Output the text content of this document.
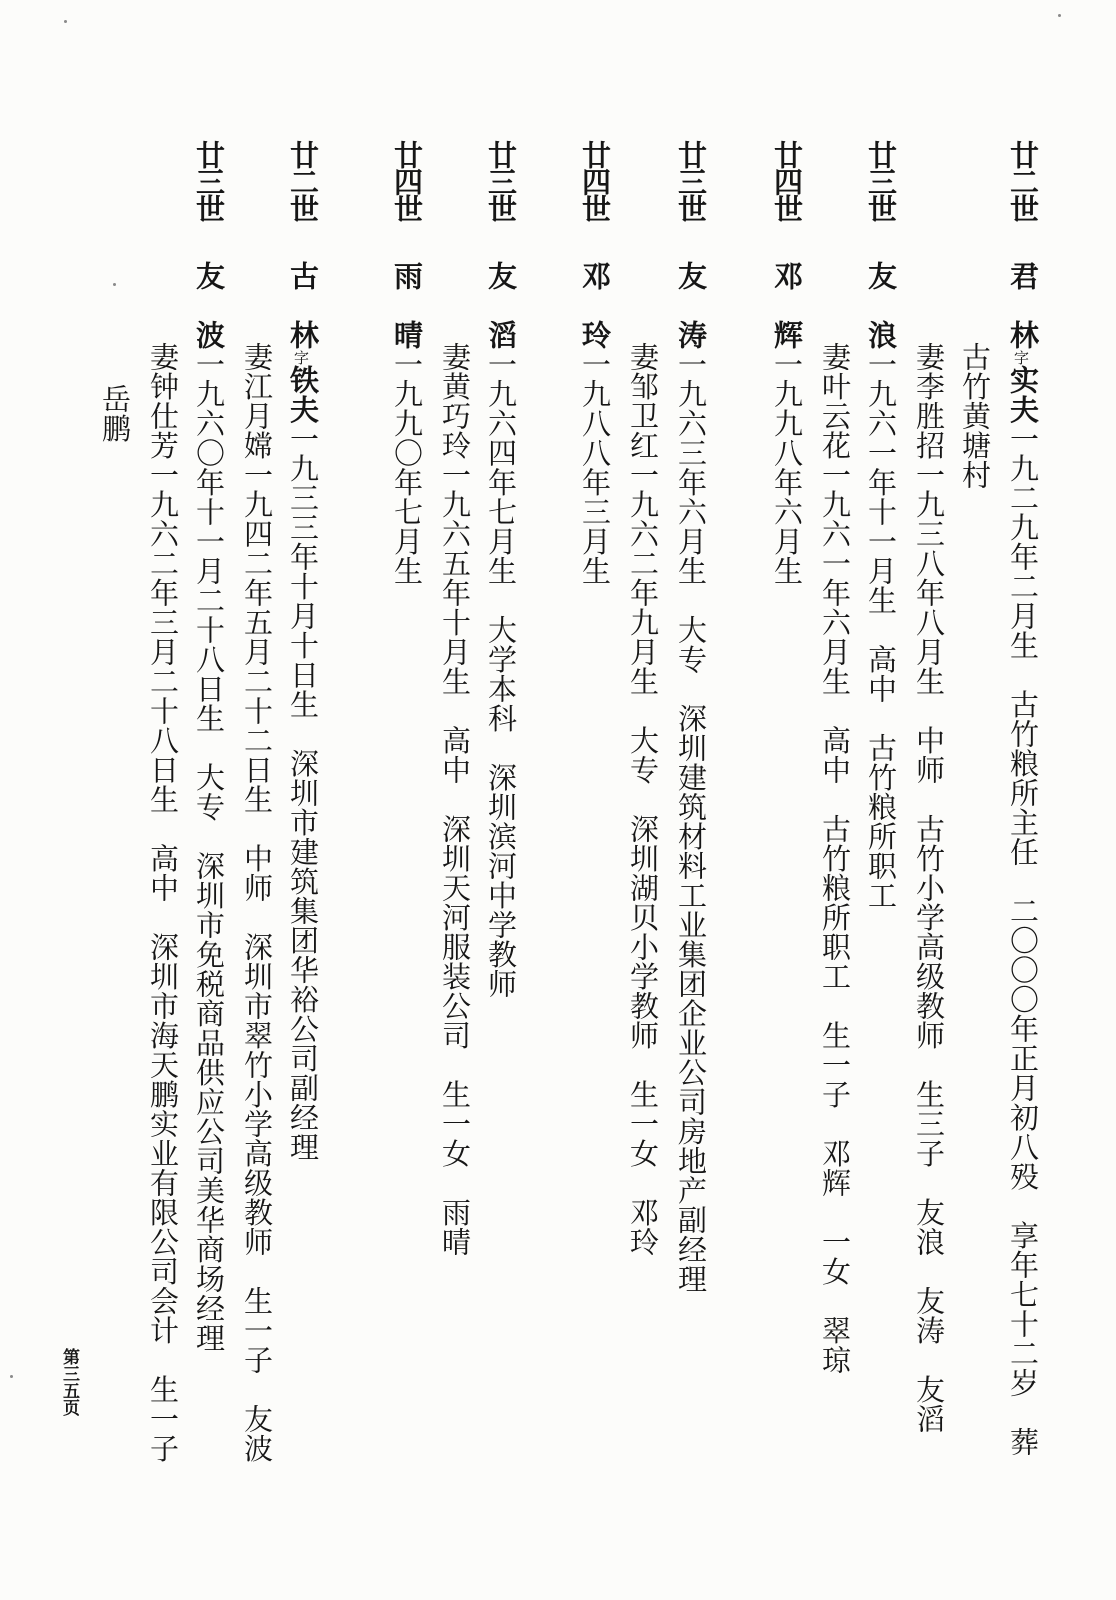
廿二世君　林字实夫一九二九年二月生　古竹粮所主任　二〇〇〇年正月初八殁　享年七十二岁　葬
古竹黄塘村
妻李胜招一九三八年八月生　中师　古竹小学高级教师　生三子　友浪　友涛　友滔
廿三世友　浪一九六一年十一月生　高中　古竹粮所职工
妻叶云花一九六一年六月生　高中　古竹粮所职工　生一子　邓辉　一女　翠琼
廿四世邓　辉一九九八年六月生
廿三世友　涛一九六三年六月生　大专　深圳建筑材料工业集团企业公司房地产副经理
妻邹卫红一九六二年九月生　大专　深圳湖贝小学教师　生一女　邓玲
廿四世邓　玲一九八八年三月生
廿三世友　滔一九六四年七月生　大学本科　深圳滨河中学教师
妻黄巧玲一九六五年十月生　高中　深圳天河服装公司　生一女　雨晴
廿四世雨　晴一九九〇年七月生
廿二世古　林字铁夫一九三三年十月十日生　深圳市建筑集团华裕公司副经理
妻江月嫦一九四二年五月二十二日生　中师　深圳市翠竹小学高级教师　生一子　友波
廿三世友　波一九六〇年十一月二十八日生　大专　深圳市免税商品供应公司美华商场经理
妻钟仕芳一九六二年三月二十八日生　高中　深圳市海天鹏实业有限公司会计　生一子
岳鹏
第三五页
